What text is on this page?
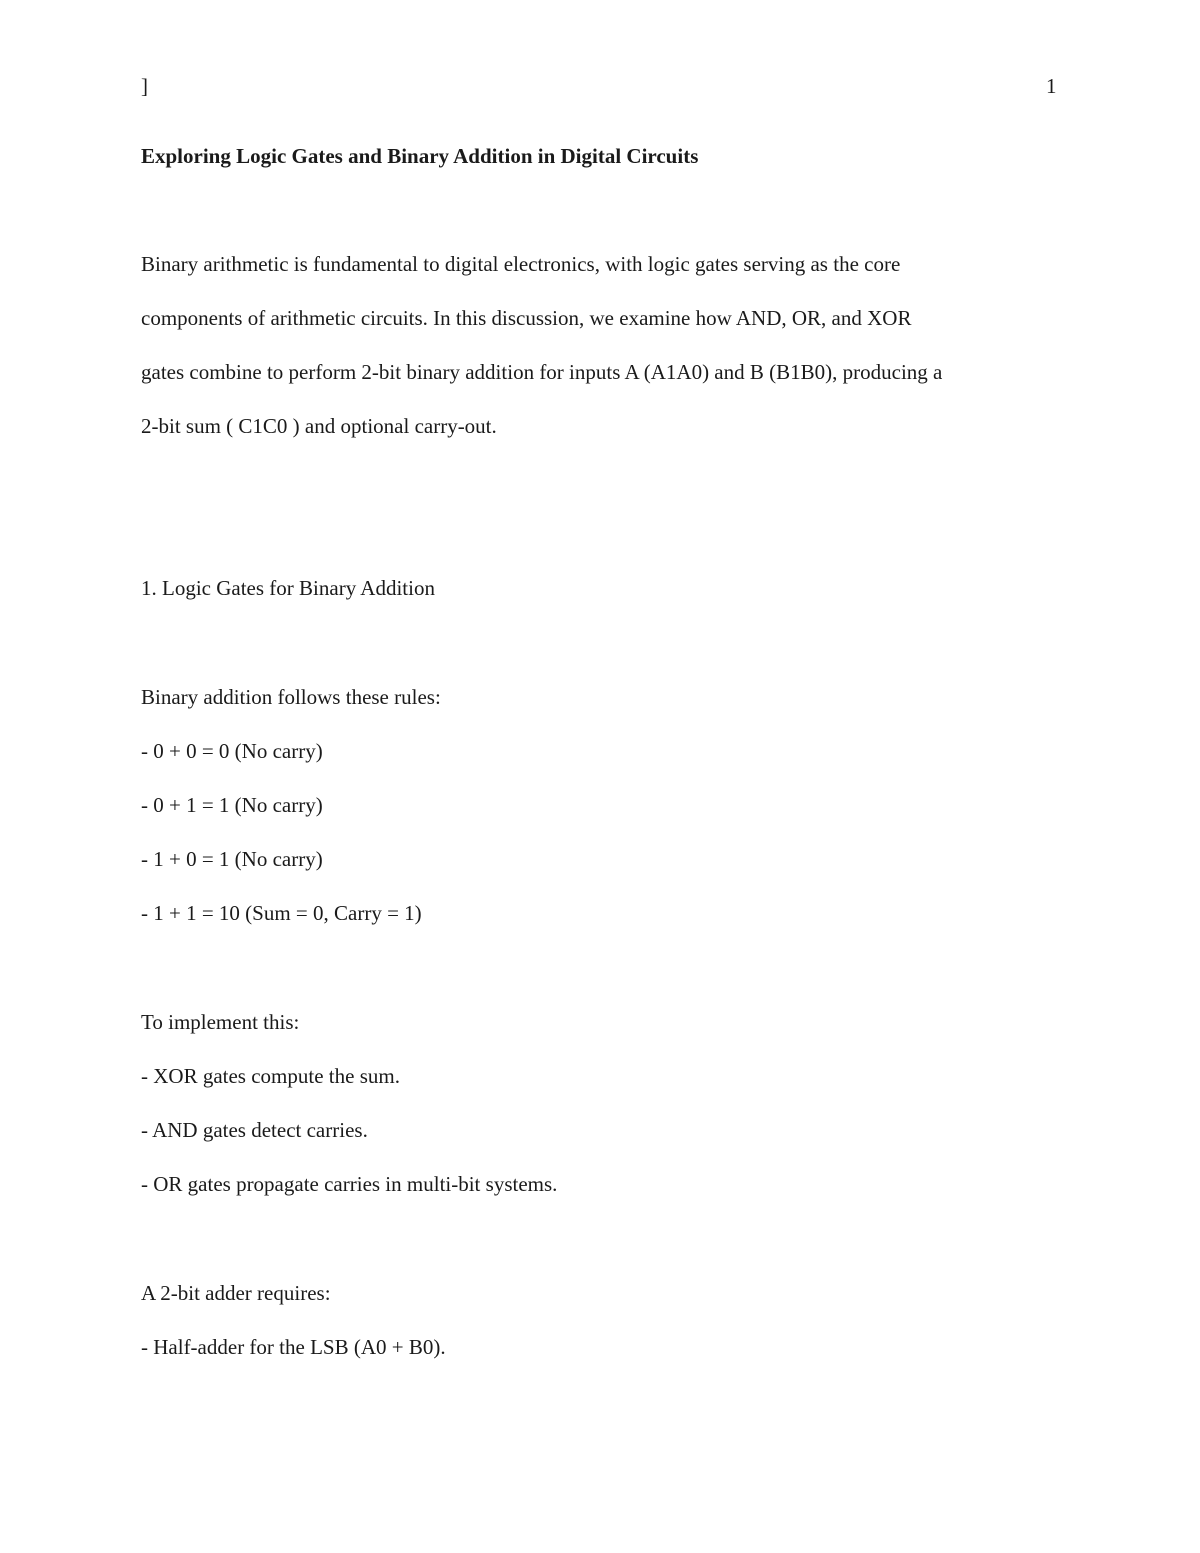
]	1
Exploring Logic Gates and Binary Addition in Digital Circuits
Binary arithmetic is fundamental to digital electronics, with logic gates serving as the core
components of arithmetic circuits. In this discussion, we examine how AND, OR, and XOR
gates combine to perform 2-bit binary addition for inputs A (A1A0) and B (B1B0), producing a
2-bit sum ( C1C0 ) and optional carry-out.
1. Logic Gates for Binary Addition
Binary addition follows these rules:
- 0 + 0 = 0 (No carry)
- 0 + 1 = 1 (No carry)
- 1 + 0 = 1 (No carry)
- 1 + 1 = 10 (Sum = 0, Carry = 1)
To implement this:
- XOR gates compute the sum.
- AND gates detect carries.
- OR gates propagate carries in multi-bit systems.
A 2-bit adder requires:
- Half-adder for the LSB (A0 + B0).
